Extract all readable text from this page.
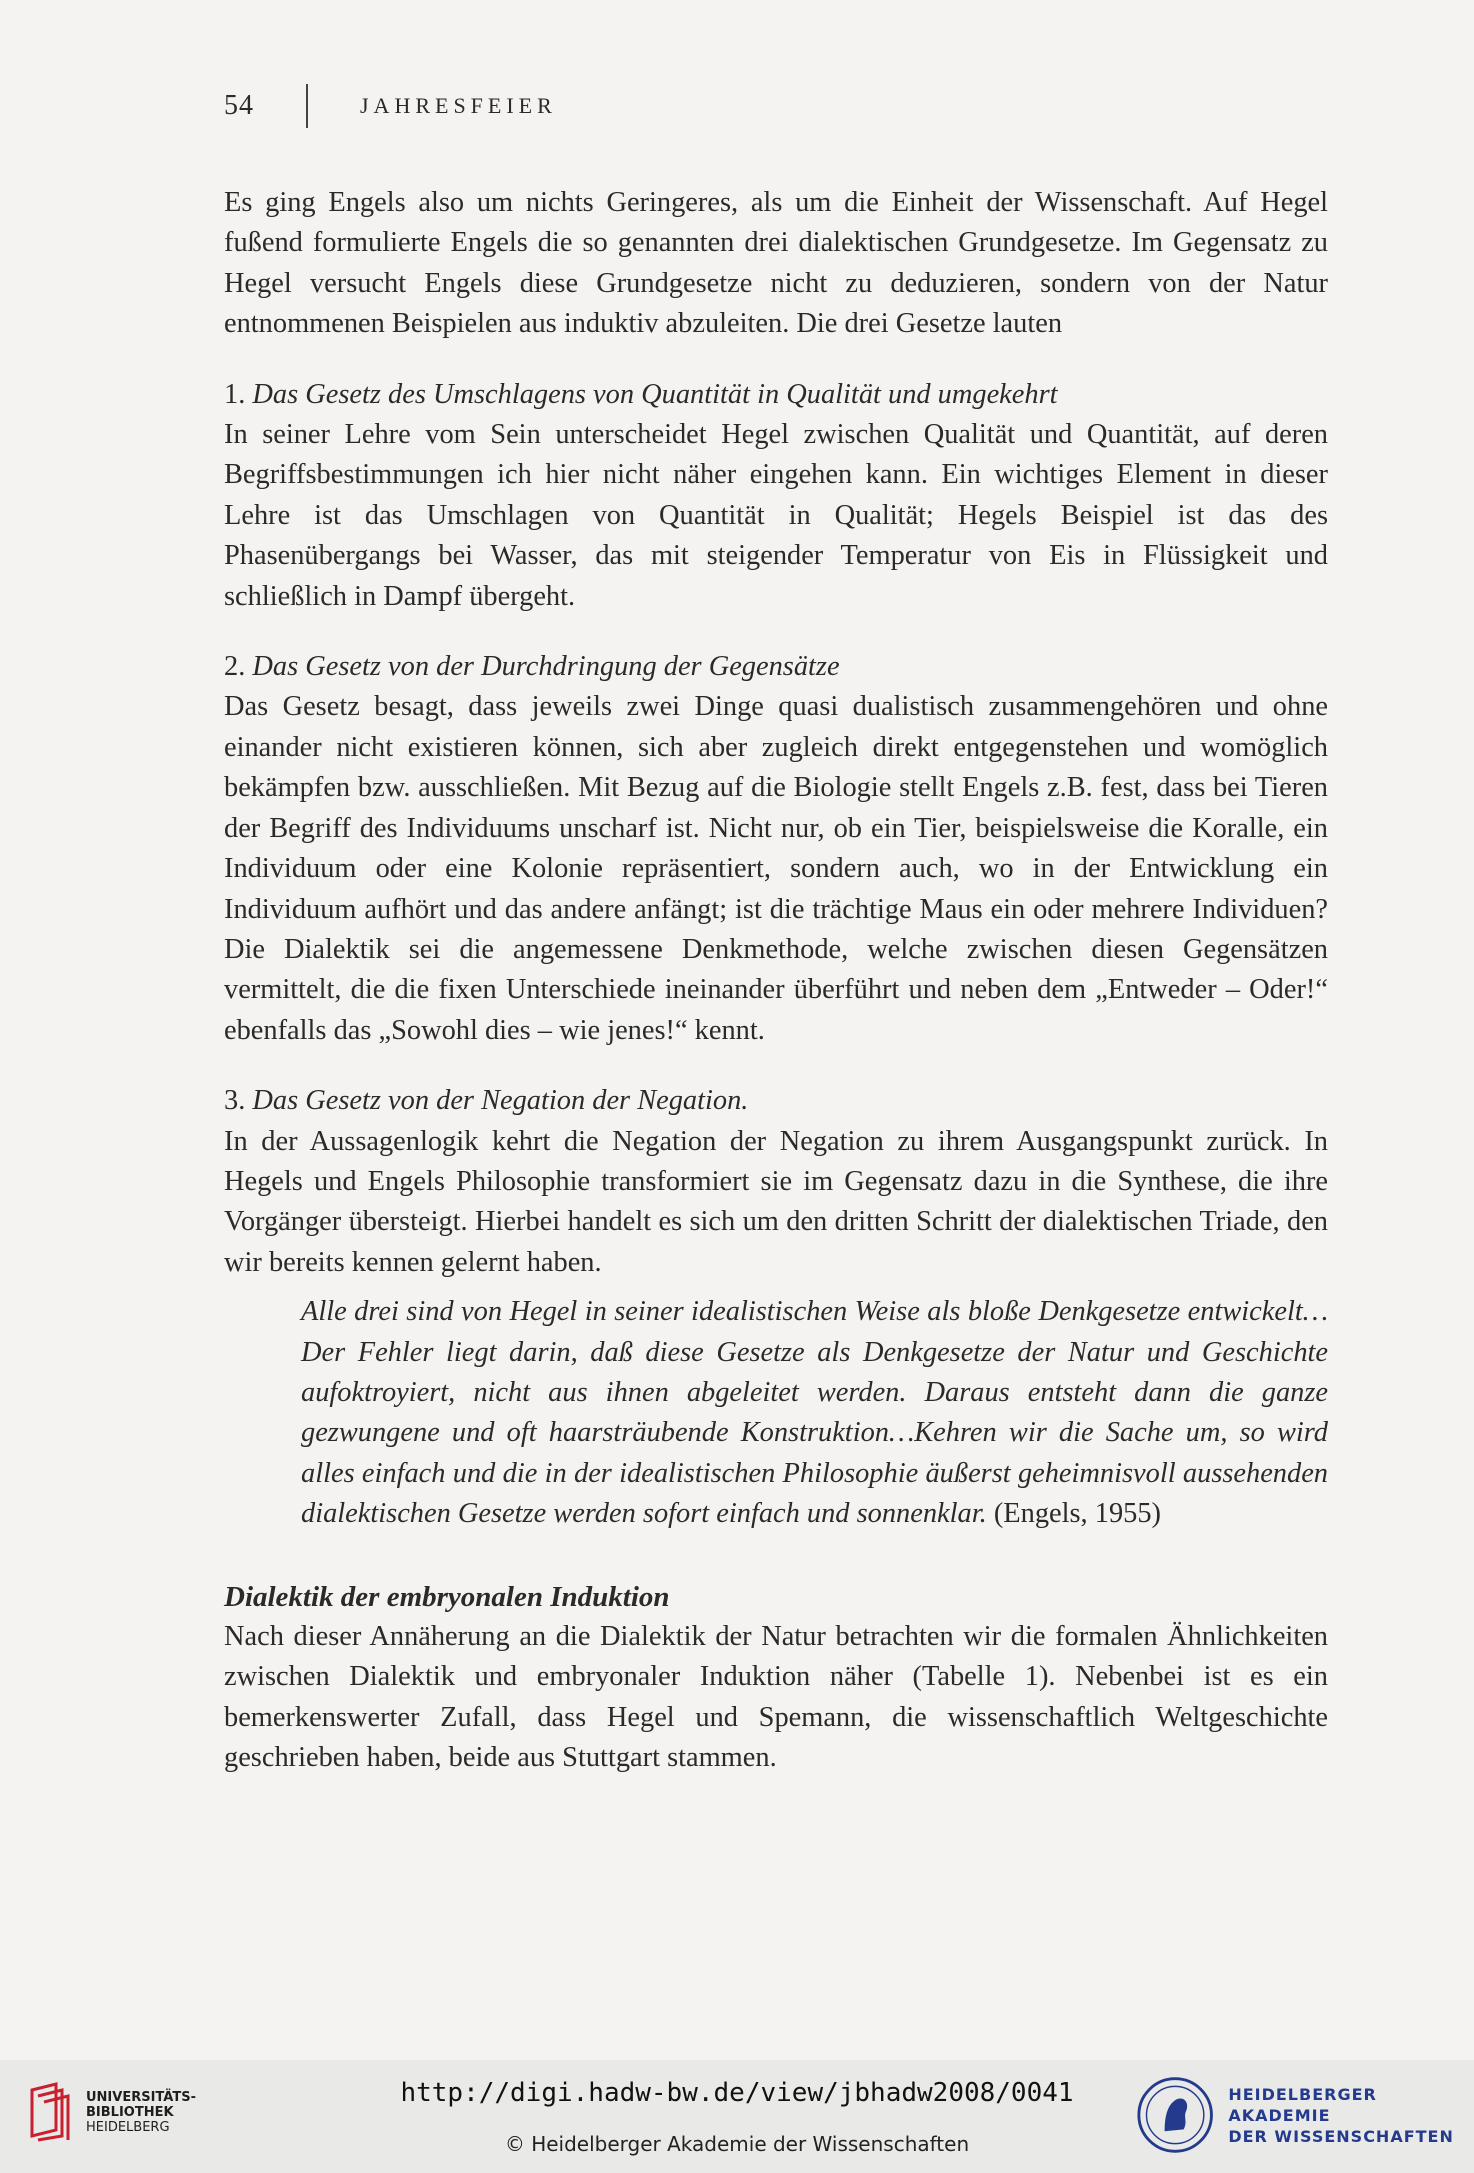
54	JAHRESFEIER

Es ging Engels also um nichts Geringeres, als um die Einheit der Wissenschaft. Auf Hegel fußend formulierte Engels die so genannten drei dialektischen Grundgesetze. Im Gegensatz zu Hegel versucht Engels diese Grundgesetze nicht zu deduzieren, sondern von der Natur entnommenen Beispielen aus induktiv abzuleiten. Die drei Gesetze lauten

1. Das Gesetz des Umschlagens von Quantität in Qualität und umgekehrt

In seiner Lehre vom Sein unterscheidet Hegel zwischen Qualität und Quantität, auf deren Begriffsbestimmungen ich hier nicht näher eingehen kann. Ein wichtiges Element in dieser Lehre ist das Umschlagen von Quantität in Qualität; Hegels Beispiel ist das des Phasenübergangs bei Wasser, das mit steigender Temperatur von Eis in Flüssigkeit und schließlich in Dampf übergeht.

2. Das Gesetz von der Durchdringung der Gegensätze

Das Gesetz besagt, dass jeweils zwei Dinge quasi dualistisch zusammengehören und ohne einander nicht existieren können, sich aber zugleich direkt entgegenstehen und womöglich bekämpfen bzw. ausschließen. Mit Bezug auf die Biologie stellt Engels z.B. fest, dass bei Tieren der Begriff des Individuums unscharf ist. Nicht nur, ob ein Tier, beispielsweise die Koralle, ein Individuum oder eine Kolonie repräsentiert, sondern auch, wo in der Entwicklung ein Individuum aufhört und das andere anfängt; ist die trächtige Maus ein oder mehrere Individuen? Die Dialektik sei die angemessene Denkmethode, welche zwischen diesen Gegensätzen vermittelt, die die fixen Unterschiede ineinander überführt und neben dem „Entweder – Oder!“ ebenfalls das „Sowohl dies – wie jenes!“ kennt.

3. Das Gesetz von der Negation der Negation.

In der Aussagenlogik kehrt die Negation der Negation zu ihrem Ausgangspunkt zurück. In Hegels und Engels Philosophie transformiert sie im Gegensatz dazu in die Synthese, die ihre Vorgänger übersteigt. Hierbei handelt es sich um den dritten Schritt der dialektischen Triade, den wir bereits kennen gelernt haben.

Alle drei sind von Hegel in seiner idealistischen Weise als bloße Denkgesetze entwickelt…Der Fehler liegt darin, daß diese Gesetze als Denkgesetze der Natur und Geschichte aufoktroyiert, nicht aus ihnen abgeleitet werden. Daraus entsteht dann die ganze gezwungene und oft haarsträubende Konstruktion…Kehren wir die Sache um, so wird alles einfach und die in der idealistischen Philosophie äußerst geheimnisvoll aussehenden dialektischen Gesetze werden sofort einfach und sonnenklar. (Engels, 1955)

Dialektik der embryonalen Induktion

Nach dieser Annäherung an die Dialektik der Natur betrachten wir die formalen Ähnlichkeiten zwischen Dialektik und embryonaler Induktion näher (Tabelle 1). Nebenbei ist es ein bemerkenswerter Zufall, dass Hegel und Spemann, die wissenschaftlich Weltgeschichte geschrieben haben, beide aus Stuttgart stammen.

UNIVERSITÄTS-
BIBLIOTHEK
HEIDELBERG
http://digi.hadw-bw.de/view/jbhadw2008/0041
© Heidelberger Akademie der Wissenschaften
HEIDELBERGER AKADEMIE
DER WISSENSCHAFTEN
